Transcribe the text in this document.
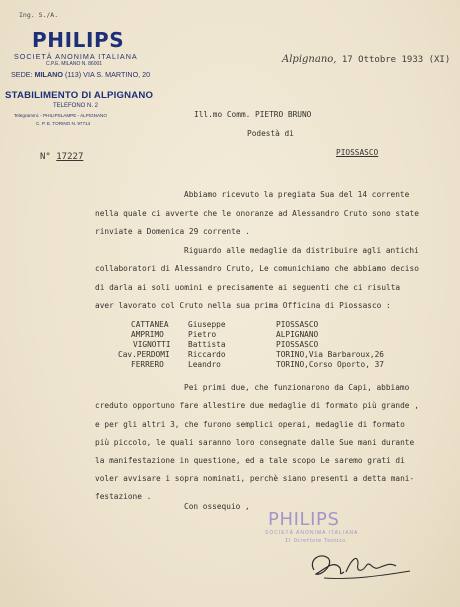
Ing. S./A.
PHILIPS
SOCIETÀ ANONIMA ITALIANA
C.P.E. MILANO N. 86001
SEDE: MILANO (113) VIA S. MARTINO, 20
STABILIMENTO DI ALPIGNANO
TELEFONO N. 2
Telegrammi: - PHILIPSLAMPE - ALPIGNANO
C. P. E. TORINO N. 97714
N° 17227
Alpignano, 17 Ottobre 1933 (XI)
Ill.mo Comm. PIETRO BRUNO
Podestà di
PIOSSASCO
Abbiamo ricevuto la pregiata Sua del 14 corrente
nella quale ci avverte che le onoranze ad Alessandro Cruto sono state
rinviate a Domenica 29 corrente .
Riguardo alle medaglie da distribuire agli antichi
collaboratori di Alessandro Cruto, Le comunichiamo che abbiamo deciso
di darla ai soli uomini e precisamente ai seguenti che ci risulta
aver lavorato col Cruto nella sua prima Officina di Piossasco :
CATTANEA Giuseppe	PIOSSASCO
AMPRIMO	Pietro	ALPIGNANO
VIGNOTTI Battista	PIOSSASCO
Cav.PERDOMI Riccardo	TORINO,Via Barbaroux,26
FERRERO	Leandro	TORINO,Corso Oporto, 37
Pei primi due, che funzionarono da Capi, abbiamo
creduto opportuno fare allestire due medaglie di formato più grande ,
e per gli altri 3, che furono semplici operai, medaglie di formato
più piccolo, le quali saranno loro consegnate dalle Sue mani durante
la manifestazione in questione, ed a tale scopo Le saremo grati di
voler avvisare i sopra nominati, perchè siano presenti a detta mani-
festazione .
Con ossequio ,
PHILIPS
SOCIETÀ ANONIMA ITALIANA
Il Direttore Tecnico
